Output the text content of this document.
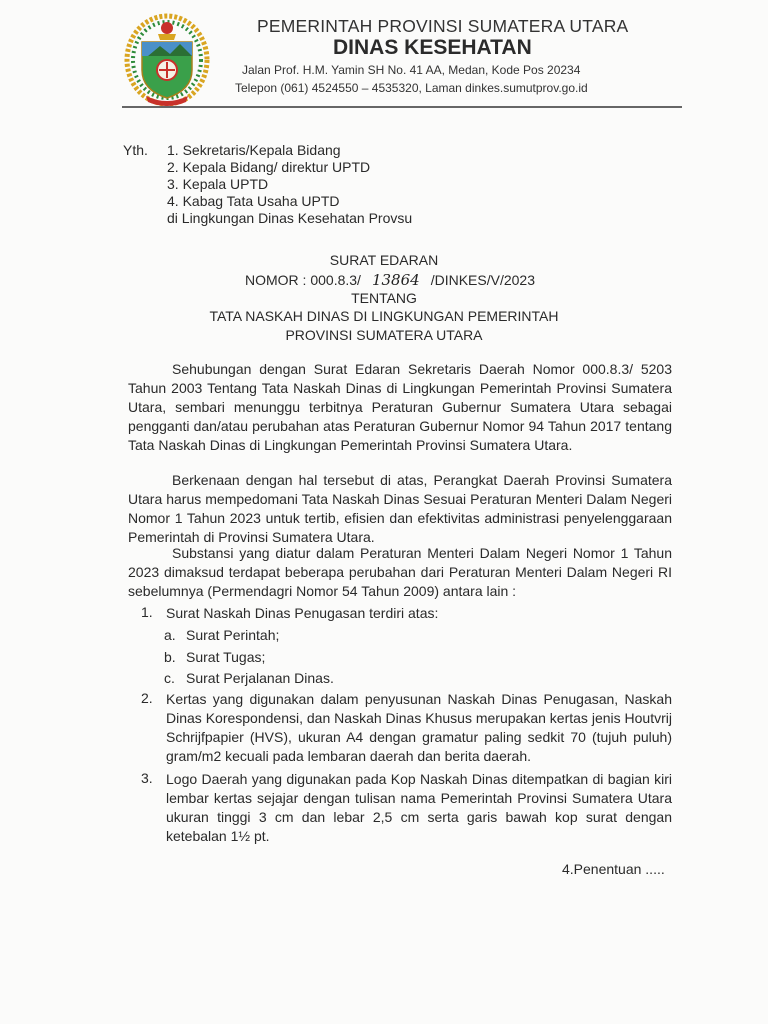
PEMERINTAH PROVINSI SUMATERA UTARA
DINAS KESEHATAN
Jalan Prof. H.M. Yamin SH No. 41 AA, Medan, Kode Pos 20234
Telepon (061) 4524550 – 4535320, Laman dinkes.sumutprov.go.id
Yth. 1. Sekretaris/Kepala Bidang
2. Kepala Bidang/ direktur UPTD
3. Kepala UPTD
4. Kabag Tata Usaha UPTD
di Lingkungan Dinas Kesehatan Provsu
SURAT EDARAN
NOMOR : 000.8.3/ 13864 /DINKES/V/2023
TENTANG
TATA NASKAH DINAS DI LINGKUNGAN PEMERINTAH
PROVINSI SUMATERA UTARA
Sehubungan dengan Surat Edaran Sekretaris Daerah Nomor 000.8.3/ 5203 Tahun 2003 Tentang Tata Naskah Dinas di Lingkungan Pemerintah Provinsi Sumatera Utara, sembari menunggu terbitnya Peraturan Gubernur Sumatera Utara sebagai pengganti dan/atau perubahan atas Peraturan Gubernur Nomor 94 Tahun 2017 tentang Tata Naskah Dinas di Lingkungan Pemerintah Provinsi Sumatera Utara.
Berkenaan dengan hal tersebut di atas, Perangkat Daerah Provinsi Sumatera Utara harus mempedomani Tata Naskah Dinas Sesuai Peraturan Menteri Dalam Negeri Nomor 1 Tahun 2023 untuk tertib, efisien dan efektivitas administrasi penyelenggaraan Pemerintah di Provinsi Sumatera Utara.
Substansi yang diatur dalam Peraturan Menteri Dalam Negeri Nomor 1 Tahun 2023 dimaksud terdapat beberapa perubahan dari Peraturan Menteri Dalam Negeri RI sebelumnya (Permendagri Nomor 54 Tahun 2009) antara lain :
1. Surat Naskah Dinas Penugasan terdiri atas:
a. Surat Perintah;
b. Surat Tugas;
c. Surat Perjalanan Dinas.
2. Kertas yang digunakan dalam penyusunan Naskah Dinas Penugasan, Naskah Dinas Korespondensi, dan Naskah Dinas Khusus merupakan kertas jenis Houtvrij Schrijfpapier (HVS), ukuran A4 dengan gramatur paling sedkit 70 (tujuh puluh) gram/m2 kecuali pada lembaran daerah dan berita daerah.
3. Logo Daerah yang digunakan pada Kop Naskah Dinas ditempatkan di bagian kiri lembar kertas sejajar dengan tulisan nama Pemerintah Provinsi Sumatera Utara ukuran tinggi 3 cm dan lebar 2,5 cm serta garis bawah kop surat dengan ketebalan 1½ pt.
4.Penentuan .....
